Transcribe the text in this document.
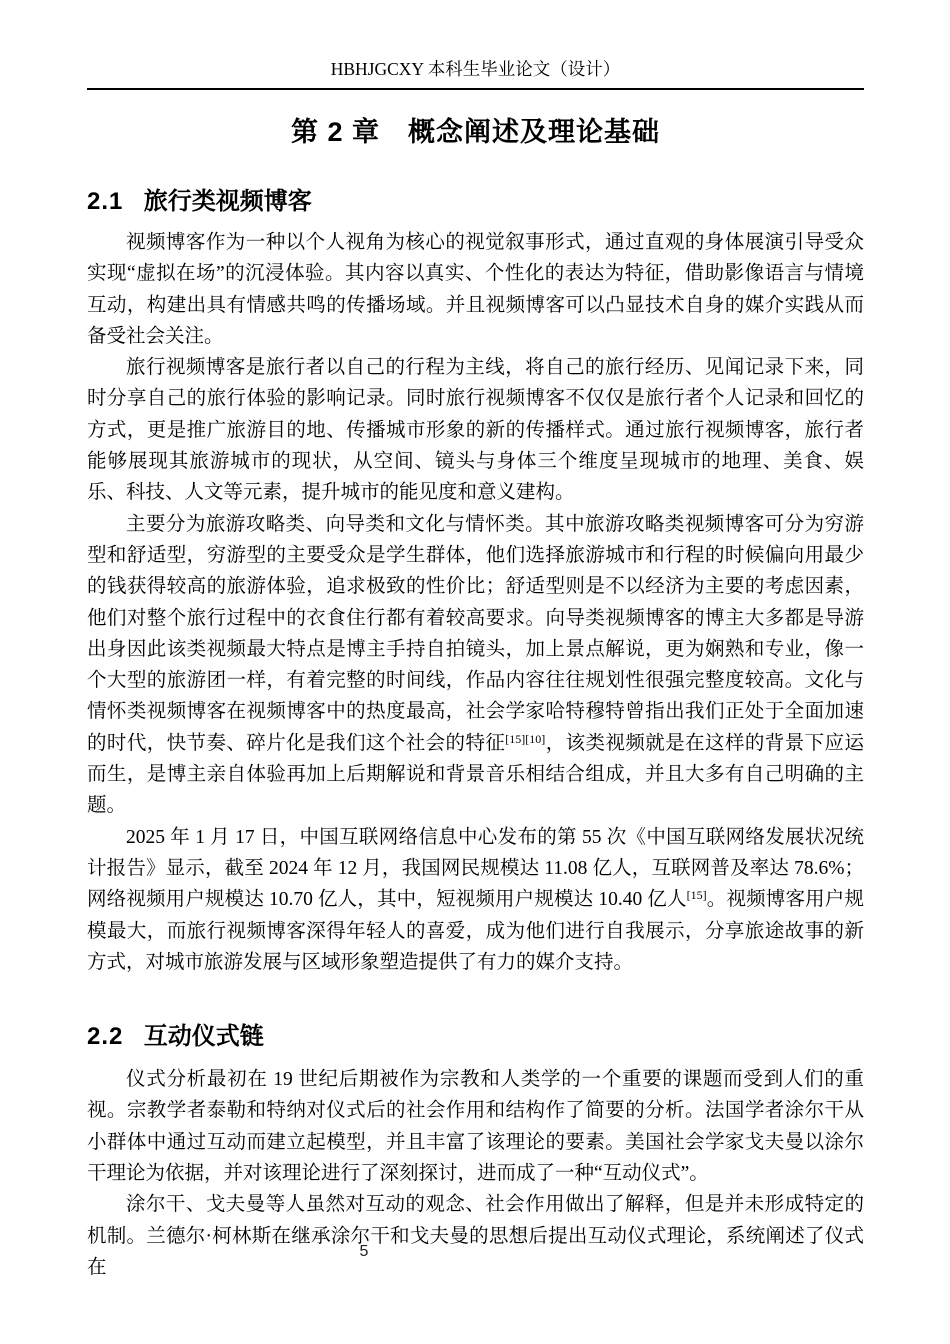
HBHJGCXY 本科生毕业论文（设计）
第 2 章　概念阐述及理论基础
2.1 旅行类视频博客

视频博客作为一种以个人视角为核心的视觉叙事形式，通过直观的身体展演引导受众实现“虚拟在场”的沉浸体验。其内容以真实、个性化的表达为特征，借助影像语言与情境互动，构建出具有情感共鸣的传播场域。并且视频博客可以凸显技术自身的媒介实践从而备受社会关注。

旅行视频博客是旅行者以自己的行程为主线，将自己的旅行经历、见闻记录下来，同时分享自己的旅行体验的影响记录。同时旅行视频博客不仅仅是旅行者个人记录和回忆的方式，更是推广旅游目的地、传播城市形象的新的传播样式。通过旅行视频博客，旅行者能够展现其旅游城市的现状，从空间、镜头与身体三个维度呈现城市的地理、美食、娱乐、科技、人文等元素，提升城市的能见度和意义建构。

主要分为旅游攻略类、向导类和文化与情怀类。其中旅游攻略类视频博客可分为穷游型和舒适型，穷游型的主要受众是学生群体，他们选择旅游城市和行程的时候偏向用最少的钱获得较高的旅游体验，追求极致的性价比；舒适型则是不以经济为主要的考虑因素，他们对整个旅行过程中的衣食住行都有着较高要求。向导类视频博客的博主大多都是导游出身因此该类视频最大特点是博主手持自拍镜头，加上景点解说，更为娴熟和专业，像一个大型的旅游团一样，有着完整的时间线，作品内容往往规划性很强完整度较高。文化与情怀类视频博客在视频博客中的热度最高，社会学家哈特穆特曾指出我们正处于全面加速的时代，快节奏、碎片化是我们这个社会的特征[15][10]，该类视频就是在这样的背景下应运而生，是博主亲自体验再加上后期解说和背景音乐相结合组成，并且大多有自己明确的主题。

2025 年 1 月 17 日，中国互联网络信息中心发布的第 55 次《中国互联网络发展状况统计报告》显示，截至 2024 年 12 月，我国网民规模达 11.08 亿人，互联网普及率达 78.6%；网络视频用户规模达 10.70 亿人，其中，短视频用户规模达 10.40 亿人[15]。视频博客用户规模最大，而旅行视频博客深得年轻人的喜爱，成为他们进行自我展示，分享旅途故事的新方式，对城市旅游发展与区域形象塑造提供了有力的媒介支持。

2.2 互动仪式链

仪式分析最初在 19 世纪后期被作为宗教和人类学的一个重要的课题而受到人们的重视。宗教学者泰勒和特纳对仪式后的社会作用和结构作了简要的分析。法国学者涂尔干从小群体中通过互动而建立起模型，并且丰富了该理论的要素。美国社会学家戈夫曼以涂尔干理论为依据，并对该理论进行了深刻探讨，进而成了一种“互动仪式”。

涂尔干、戈夫曼等人虽然对互动的观念、社会作用做出了解释，但是并未形成特定的机制。兰德尔·柯林斯在继承涂尔干和戈夫曼的思想后提出互动仪式理论，系统阐述了仪式在

5
